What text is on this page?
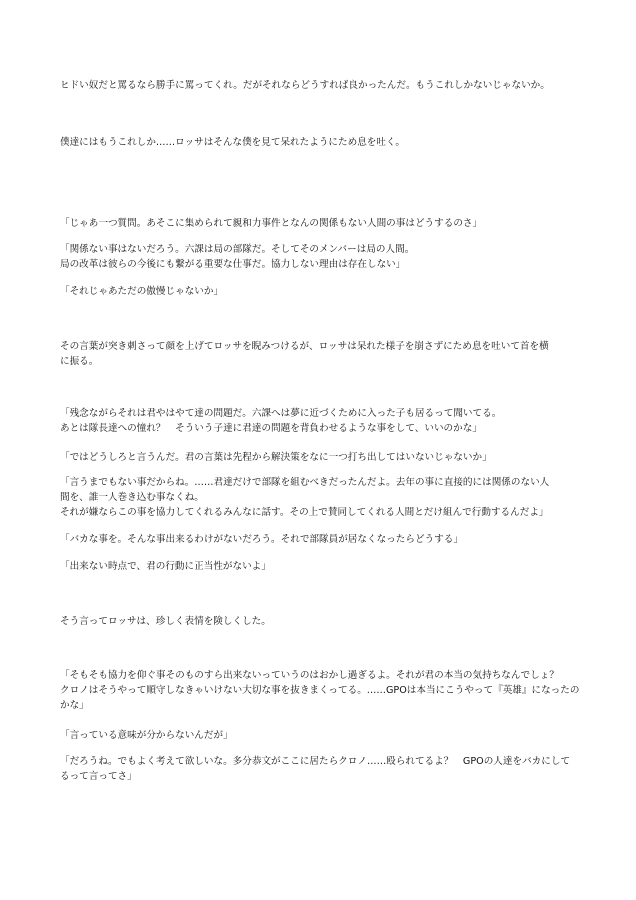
ヒドい奴だと罵るなら勝手に罵ってくれ。だがそれならどうすれば良かったんだ。もうこれしかないじゃないか。

僕達にはもうこれしか……ロッサはそんな僕を見て呆れたようにため息を吐く。

「じゃあ一つ質問。あそこに集められて親和力事件となんの関係もない人間の事はどうするのさ」

「関係ない事はないだろう。六課は局の部隊だ。そしてそのメンバーは局の人間。
局の改革は彼らの今後にも繋がる重要な仕事だ。協力しない理由は存在しない」

「それじゃあただの傲慢じゃないか」

その言葉が突き刺さって顔を上げてロッサを睨みつけるが、ロッサは呆れた様子を崩さずにため息を吐いて首を横
に振る。

「残念ながらそれは君やはやて達の問題だ。六課へは夢に近づくために入った子も居るって聞いてる。
あとは隊長達への憧れ？　そういう子達に君達の問題を背負わせるような事をして、いいのかな」

「ではどうしろと言うんだ。君の言葉は先程から解決策をなに一つ打ち出してはいないじゃないか」

「言うまでもない事だからね。……君達だけで部隊を組むべきだったんだよ。去年の事に直接的には関係のない人
間を、誰一人巻き込む事なくね。
それが嫌ならこの事を協力してくれるみんなに話す。その上で賛同してくれる人間とだけ組んで行動するんだよ」

「バカな事を。そんな事出来るわけがないだろう。それで部隊員が居なくなったらどうする」

「出来ない時点で、君の行動に正当性がないよ」

そう言ってロッサは、珍しく表情を険しくした。

「そもそも協力を仰ぐ事そのものすら出来ないっていうのはおかし過ぎるよ。それが君の本当の気持ちなんでしょ？
クロノはそうやって順守しなきゃいけない大切な事を抜きまくってる。……GPOは本当にこうやって『英雄』になったの
かな」

「言っている意味が分からないんだが」

「だろうね。でもよく考えて欲しいな。多分恭文がここに居たらクロノ……殴られてるよ？　GPOの人達をバカにして
るって言ってさ」
